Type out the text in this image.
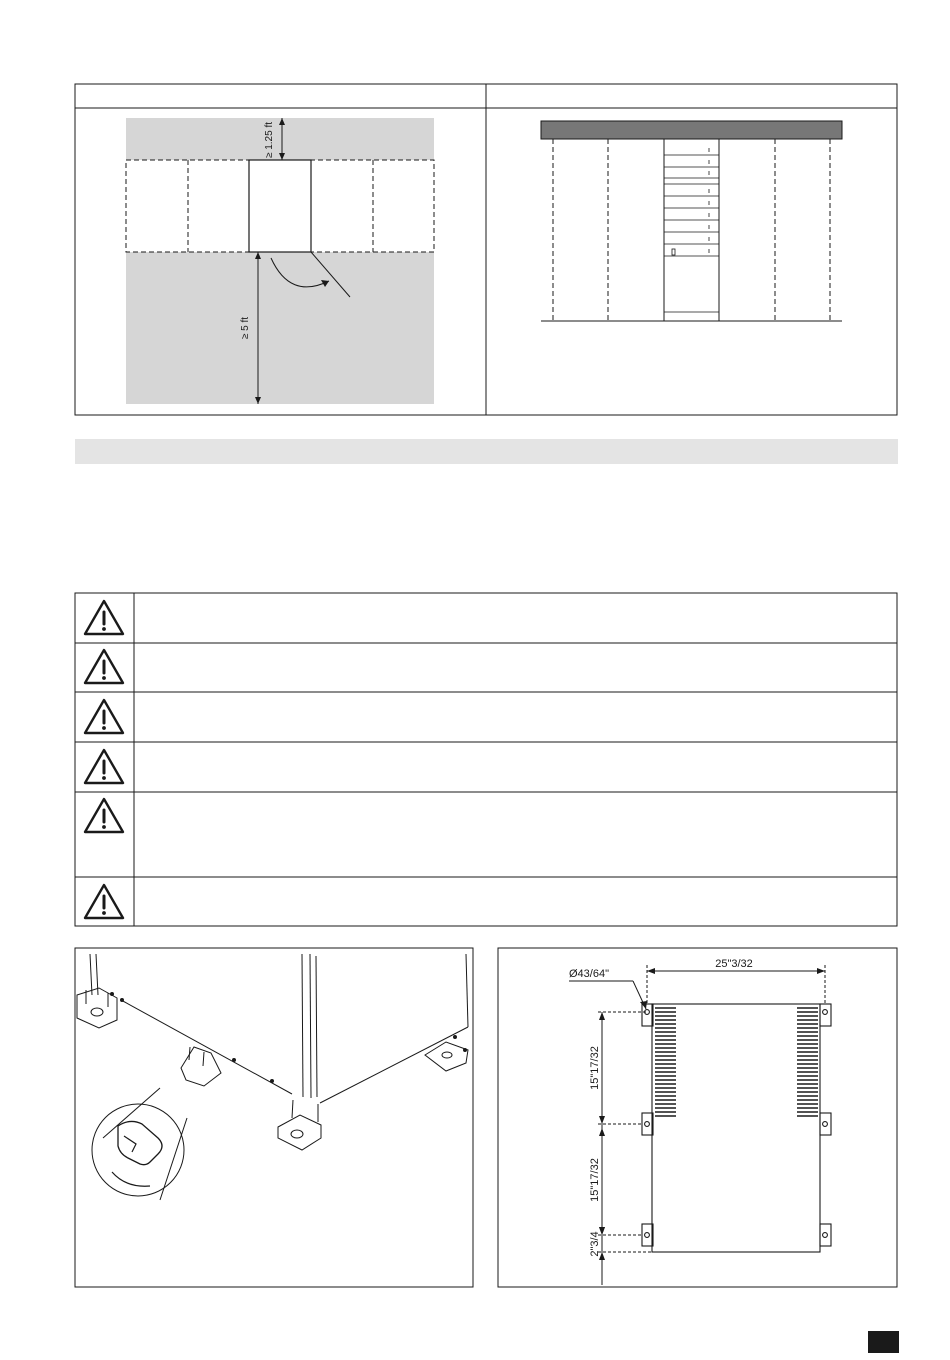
≥ 1.25 ft
≥ 5 ft
25"3/32
Ø43/64"
15"17/32
15"17/32
2"3/4
